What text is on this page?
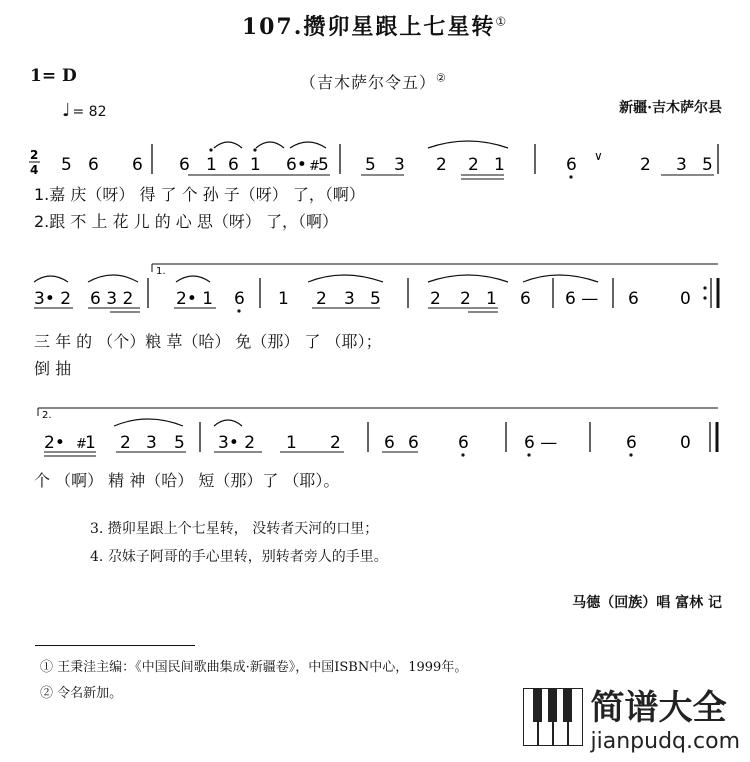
107.攒卯星跟上七星转①
1= D	（吉木萨尔令五）②
♩ = 82	新疆·吉木萨尔县
2
4 5 6 6 6 1 6 1 6• #
5 5 3 2 2 1	6 ∨ 2 3 5
1.嘉 庆（呀） 得 了 个 孙 子（呀） 了，（啊）
2.跟 不 上 花 儿 的 心 思（呀） 了，（啊）
1.
3• 2 6 3 2	2• 1 6 1 2 3 5	2 2 1 6 6 — 6 0
三 年 的 （个）粮 草（哈） 免（那） 了 （耶）；
倒 抽
2.
2• #
1 2 3 5 3• 2 1 2	6 6 6	6 —	6	0
个 （啊） 精 神（哈） 短（那）了 （耶）。
3. 攒卯星跟上个七星转， 没转者天河的口里；
4. 尕妹子阿哥的手心里转，别转者旁人的手里。
马德（回族）唱 富林 记
① 王秉洼主编：《中国民间歌曲集成·新疆卷》，中国ISBN中心，1999年。
② 令名新加。	简谱大全
jianpudq.com
